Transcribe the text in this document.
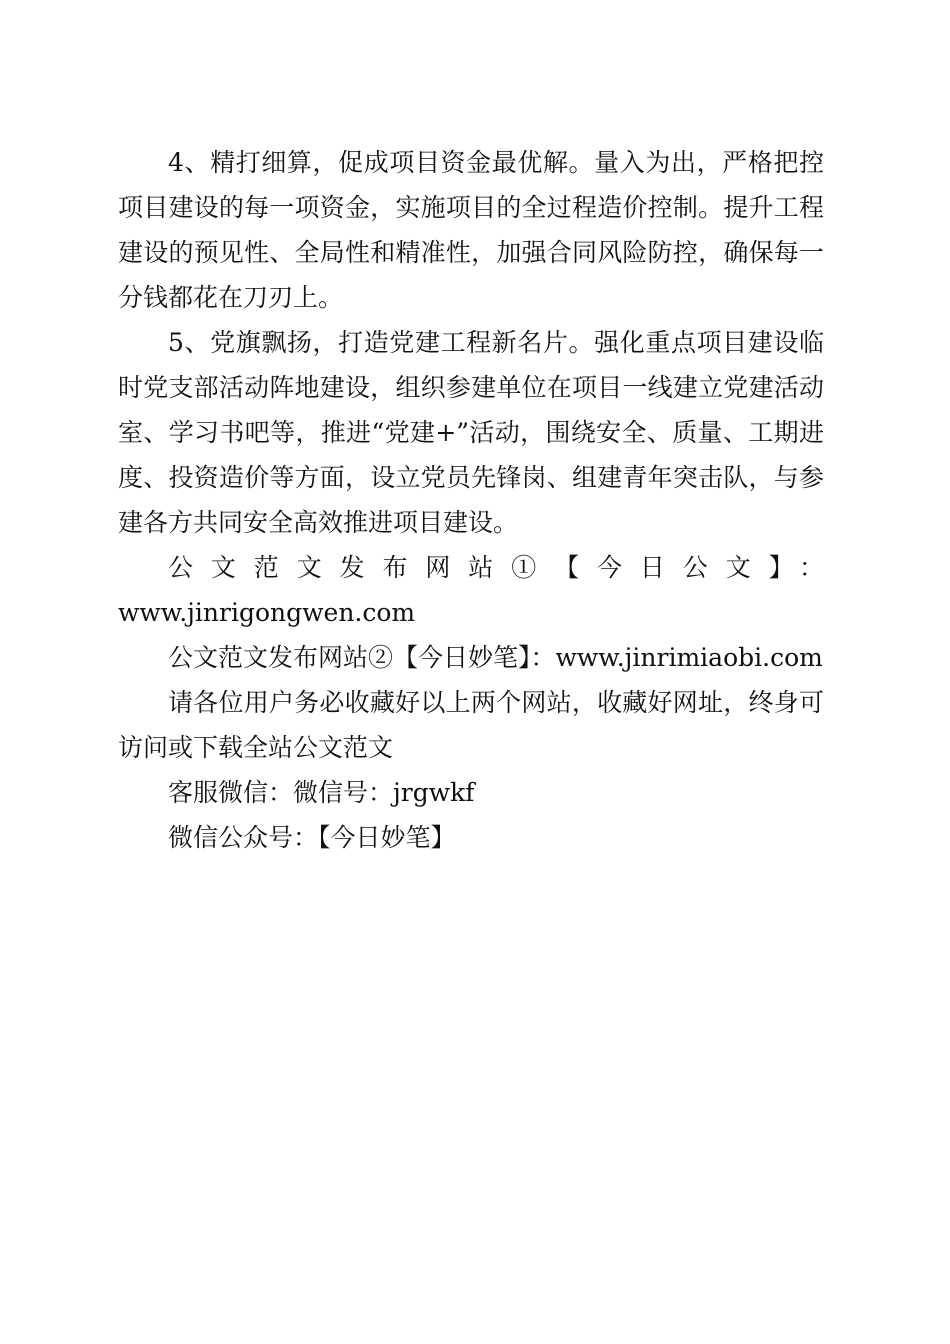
4、精打细算，促成项目资金最优解。量入为出，严格把控项目建设的每一项资金，实施项目的全过程造价控制。提升工程建设的预见性、全局性和精准性，加强合同风险防控，确保每一分钱都花在刀刃上。

5、党旗飘扬，打造党建工程新名片。强化重点项目建设临时党支部活动阵地建设，组织参建单位在项目一线建立党建活动室、学习书吧等，推进“党建+”活动，围绕安全、质量、工期进度、投资造价等方面，设立党员先锋岗、组建青年突击队，与参建各方共同安全高效推进项目建设。

公文范文发布网站①【今日公文】：

www.jinrigongwen.com

公文范文发布网站②【今日妙笔】：www.jinrimiaobi.com

请各位用户务必收藏好以上两个网站，收藏好网址，终身可访问或下载全站公文范文

客服微信：微信号：jrgwkf

微信公众号：【今日妙笔】
